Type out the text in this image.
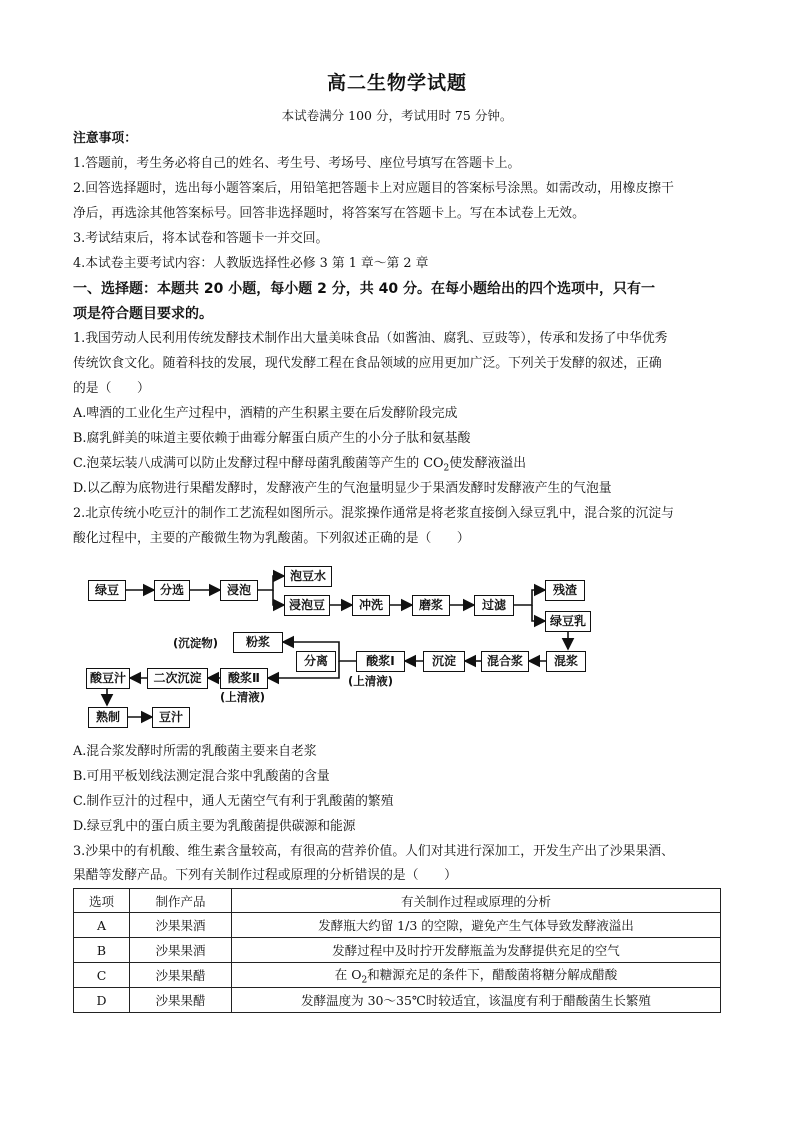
高二生物学试题
本试卷满分 100 分，考试用时 75 分钟。
注意事项：
1.答题前，考生务必将自己的姓名、考生号、考场号、座位号填写在答题卡上。
2.回答选择题时，选出每小题答案后，用铅笔把答题卡上对应题目的答案标号涂黑。如需改动，用橡皮擦干
净后，再选涂其他答案标号。回答非选择题时，将答案写在答题卡上。写在本试卷上无效。
3.考试结束后，将本试卷和答题卡一并交回。
4.本试卷主要考试内容：人教版选择性必修 3 第 1 章～第 2 章
一、选择题：本题共 20 小题，每小题 2 分，共 40 分。在每小题给出的四个选项中，只有一
项是符合题目要求的。
1.我国劳动人民利用传统发酵技术制作出大量美味食品（如酱油、腐乳、豆豉等），传承和发扬了中华优秀
传统饮食文化。随着科技的发展，现代发酵工程在食品领域的应用更加广泛。下列关于发酵的叙述，正确
的是（　　）
A.啤酒的工业化生产过程中，酒精的产生积累主要在后发酵阶段完成
B.腐乳鲜美的味道主要依赖于曲霉分解蛋白质产生的小分子肽和氨基酸
C.泡菜坛装八成满可以防止发酵过程中酵母菌乳酸菌等产生的 $CO_2$使发酵液溢出
D.以乙醇为底物进行果醋发酵时，发酵液产生的气泡量明显少于果酒发酵时发酵液产生的气泡量
2.北京传统小吃豆汁的制作工艺流程如图所示。混浆操作通常是将老浆直接倒入绿豆乳中，混合浆的沉淀与
酸化过程中，主要的产酸微生物为乳酸菌。下列叙述正确的是（　　）
绿豆	分选	浸泡
泡豆水
浸泡豆	冲洗	磨浆	过滤
残渣
绿豆乳
混浆
混合浆
沉淀
酸浆Ⅰ
分离
粉浆
酸浆Ⅱ
二次沉淀
酸豆汁
熟制	豆汁
(沉淀物)
(上清液)
(上清液)
A.混合浆发酵时所需的乳酸菌主要来自老浆
B.可用平板划线法测定混合浆中乳酸菌的含量
C.制作豆汁的过程中，通人无菌空气有利于乳酸菌的繁殖
D.绿豆乳中的蛋白质主要为乳酸菌提供碳源和能源
3.沙果中的有机酸、维生素含量较高，有很高的营养价值。人们对其进行深加工，开发生产出了沙果果酒、
果醋等发酵产品。下列有关制作过程或原理的分析错误的是（　　）
选项	制作产品	有关制作过程或原理的分析
A	沙果果酒	发酵瓶大约留 1/3 的空隙，避免产生气体导致发酵液溢出
B	沙果果酒	发酵过程中及时拧开发酵瓶盖为发酵提供充足的空气
C	沙果果醋	在 $O_2$和糖源充足的条件下，醋酸菌将糖分解成醋酸
D	沙果果醋	发酵温度为 30～35℃时较适宜，该温度有利于醋酸菌生长繁殖
